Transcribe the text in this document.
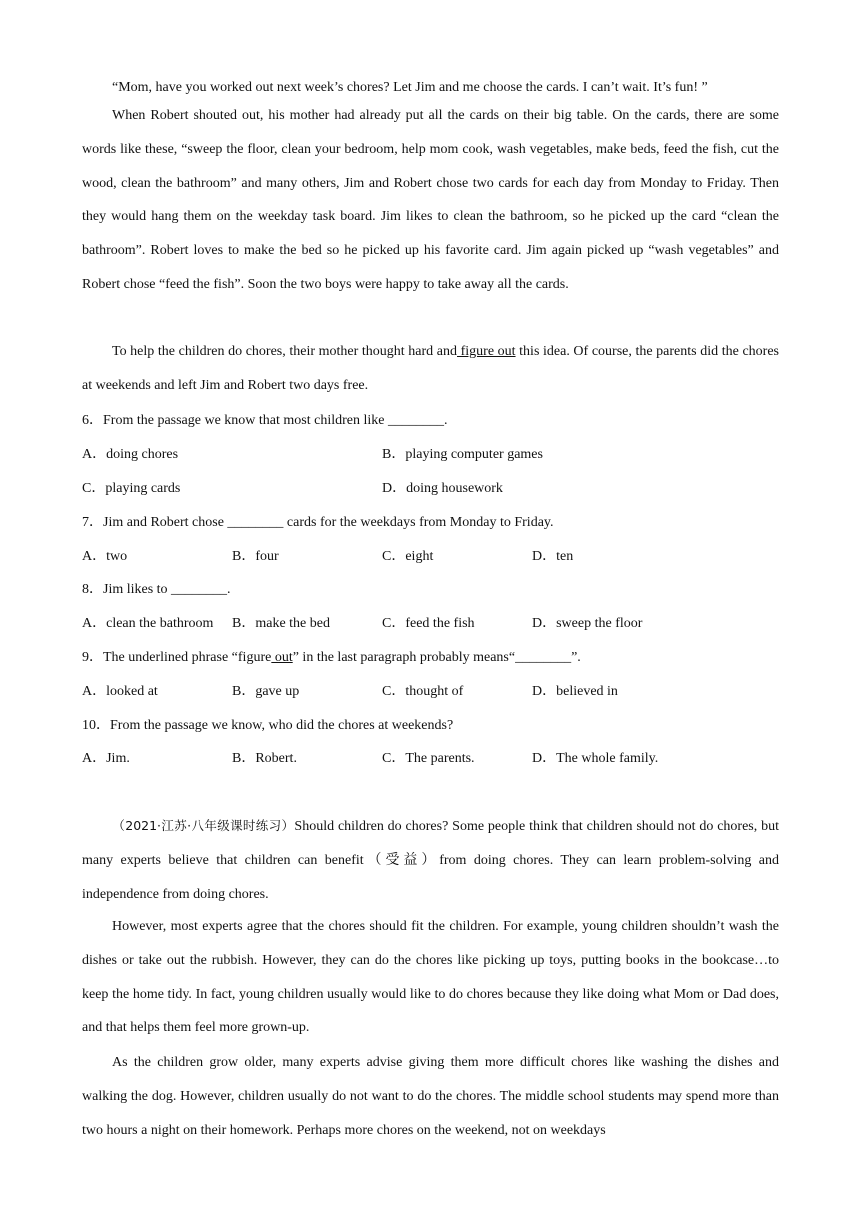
“Mom, have you worked out next week’s chores? Let Jim and me choose the cards. I can’t wait. It’s fun! ”

When Robert shouted out, his mother had already put all the cards on their big table. On the cards, there are some words like these, “sweep the floor, clean your bedroom, help mom cook, wash vegetables, make beds, feed the fish, cut the wood, clean the bathroom” and many others, Jim and Robert chose two cards for each day from Monday to Friday. Then they would hang them on the weekday task board. Jim likes to clean the bathroom, so he picked up the card “clean the bathroom”. Robert loves to make the bed so he picked up his favorite card. Jim again picked up “wash vegetables” and Robert chose “feed the fish”. Soon the two boys were happy to take away all the cards.

To help the children do chores, their mother thought hard and figure out this idea. Of course, the parents did the chores at weekends and left Jim and Robert two days free.

6．From the passage we know that most children like ________.
A．doing chores	B．playing computer games
C．playing cards	D．doing housework
7．Jim and Robert chose ________ cards for the weekdays from Monday to Friday.
A．two	B．four	C．eight	D．ten
8．Jim likes to ________.
A．clean the bathroom B．make the bed	C．feed the fish	D．sweep the floor
9．The underlined phrase “figure out” in the last paragraph probably means“________”.
A．looked at	B．gave up	C．thought of	D．believed in
10．From the passage we know, who did the chores at weekends?
A．Jim.	B．Robert.	C．The parents.	D．The whole family.

（2021·江苏·八年级课时练习）Should children do chores? Some people think that children should not do chores, but many experts believe that children can benefit（受益）from doing chores. They can learn problem-solving and independence from doing chores.

However, most experts agree that the chores should fit the children. For example, young children shouldn’t wash the dishes or take out the rubbish. However, they can do the chores like picking up toys, putting books in the bookcase…to keep the home tidy. In fact, young children usually would like to do chores because they like doing what Mom or Dad does, and that helps them feel more grown-up.

As the children grow older, many experts advise giving them more difficult chores like washing the dishes and walking the dog. However, children usually do not want to do the chores. The middle school students may spend more than two hours a night on their homework. Perhaps more chores on the weekend, not on weekdays
